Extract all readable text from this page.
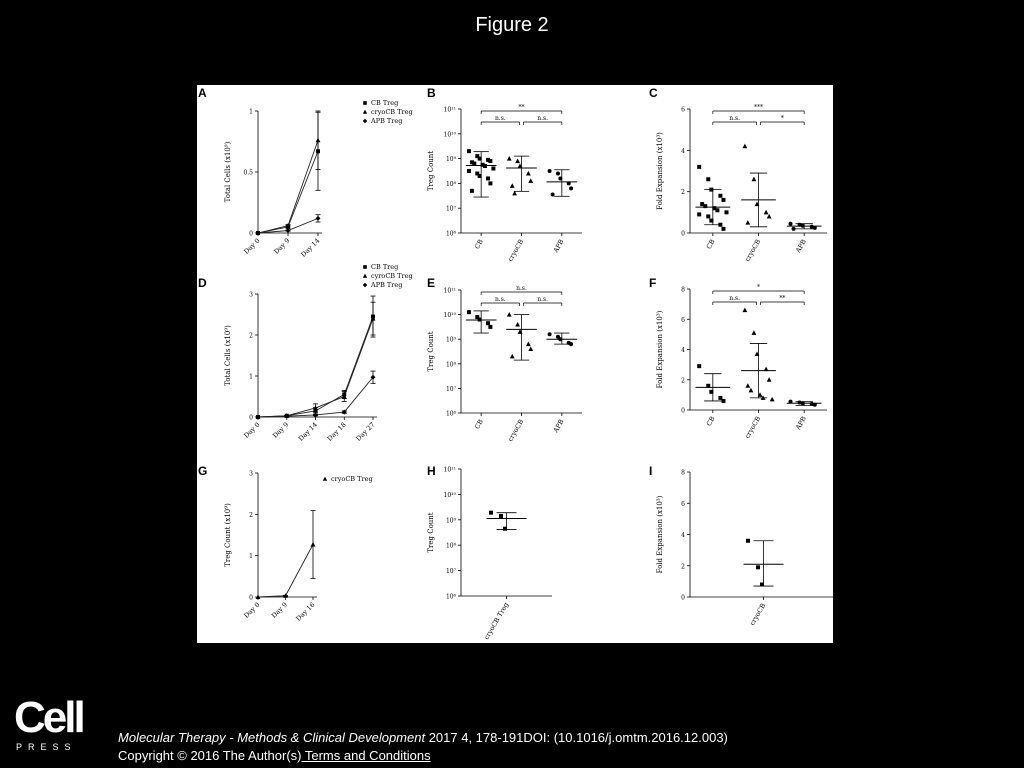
Figure 2
A
0
0.5
1
Total Cells (x10⁹)
Day 0 Day 9 Day 14
CB Treg
cryoCB Treg
APB Treg
B
10⁶
10⁷
10⁸
10⁹
10¹⁰
10¹¹
Treg Count
CB	cryoCB	APB
**
n.s.	n.s.
C
0
2
4
6
Fold Expansion (x10³)
CB	cryoCB	APB
***
n.s.	*
D
0
1
2
3
Total Cells (x10⁹)
Day 0 Day 9 Day 14 Day 18 Day 27
CB Treg
cyroCB Treg
APB Treg E
10⁶
10⁷
10⁸
10⁹
10¹⁰
10¹¹
Treg Count
CB	cryoCB	APB
n.s.
n.s.	n.s.
F
0
2
4
6
8
Fold Expansion (x10³)
CB	cryoCB	APB
*
n.s.	**
G
0
1
2
3
Treg Count (x10⁹)
Day 0 Day 9 Day 16
cryoCB Treg
H
10⁶
10⁷
10⁸
10⁹
10¹⁰
10¹¹
Treg Count
cryoCB Treg
I
0
2
4
6
8
Fold Expansion (x10³)
cryoCB
Cell
PRESS
Molecular Therapy - Methods & Clinical Development 2017 4, 178-191DOI: (10.1016/j.omtm.2016.12.003)
Copyright © 2016 The Author(s) Terms and Conditions
